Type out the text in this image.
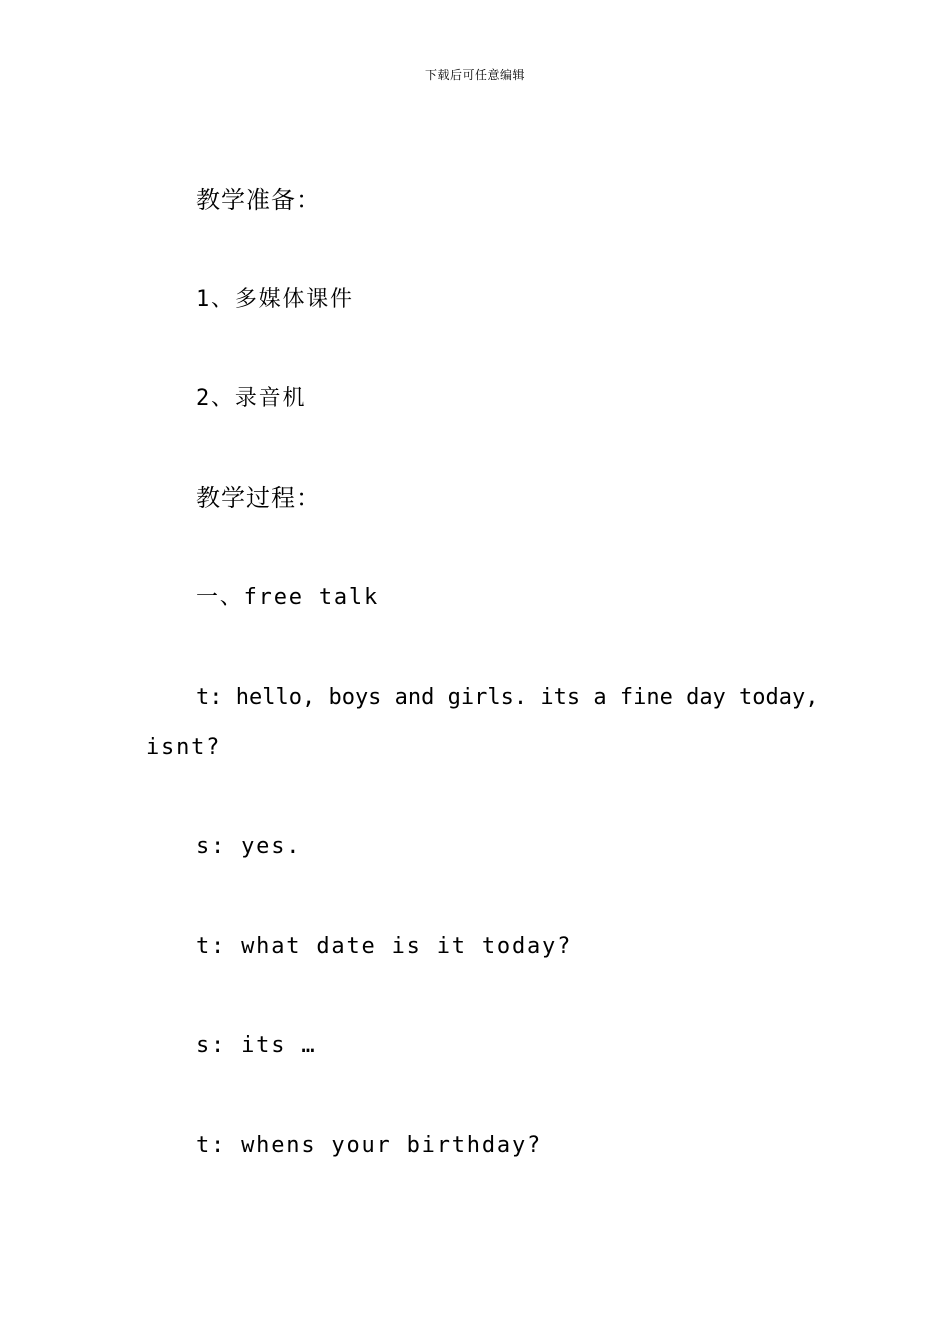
下载后可任意编辑
教学准备：
1、多媒体课件
2、录音机
教学过程：
一、free talk
t: hello, boys and girls. its a fine day today,
isnt?
s: yes.
t: what date is it today?
s: its …
t: whens your birthday?
